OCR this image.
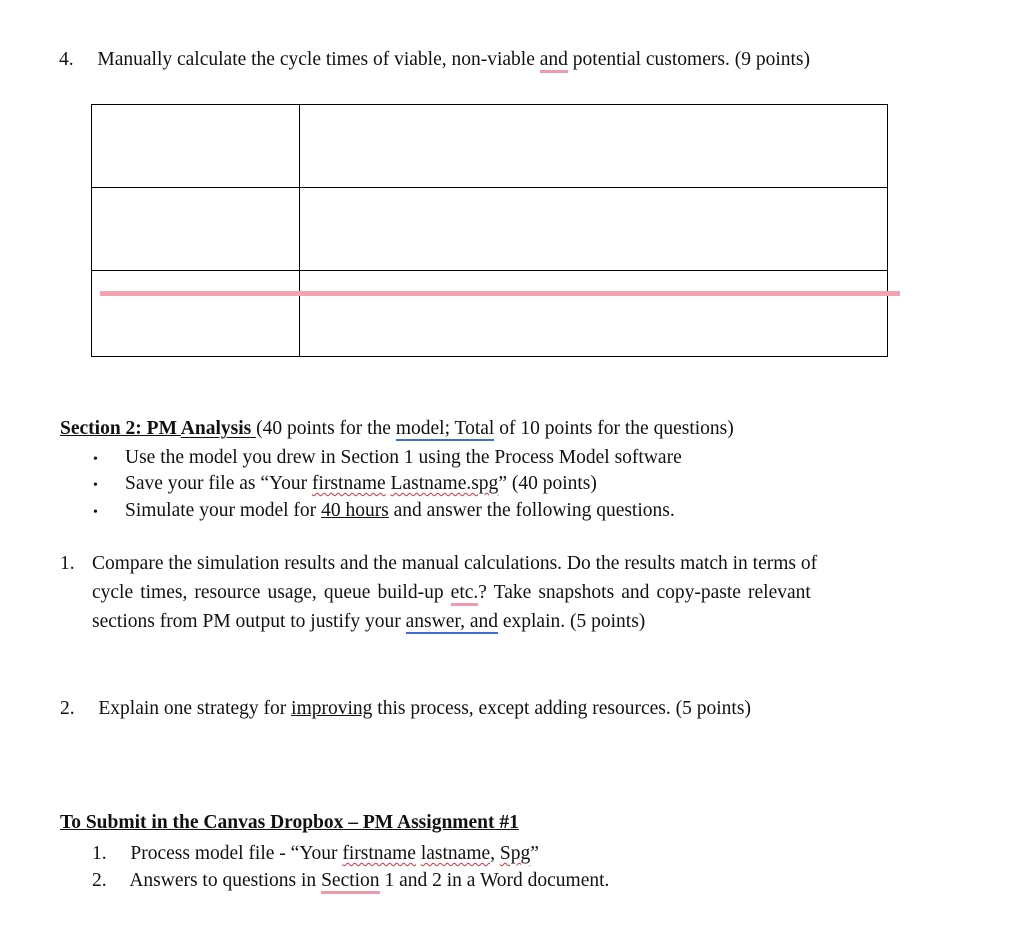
4. Manually calculate the cycle times of viable, non-viable and potential customers. (9 points)

Section 2: PM Analysis (40 points for the model; Total of 10 points for the questions)
• Use the model you drew in Section 1 using the Process Model software
• Save your file as “Your firstname Lastname.spg” (40 points)
• Simulate your model for 40 hours and answer the following questions.
1. Compare the simulation results and the manual calculations. Do the results match in terms of
cycle times, resource usage, queue build-up etc.? Take snapshots and copy-paste relevant
sections from PM output to justify your answer, and explain. (5 points)
2. Explain one strategy for improving this process, except adding resources. (5 points)
To Submit in the Canvas Dropbox – PM Assignment #1
1. Process model file - “Your firstname lastname, Spg”
2. Answers to questions in Section 1 and 2 in a Word document.
